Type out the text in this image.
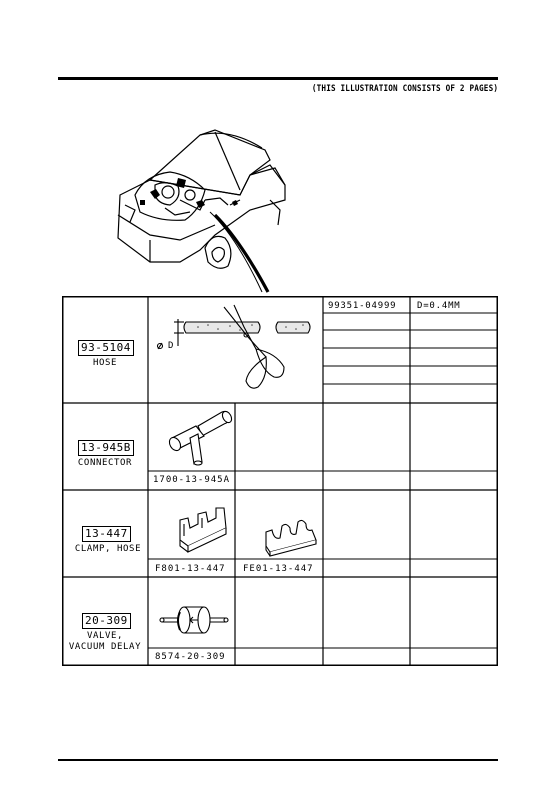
(THIS ILLUSTRATION CONSISTS OF 2 PAGES)
93-5104
HOSE
D
99351-04999 D=0.4MM
13-945B
CONNECTOR
1700-13-945A
13-447
CLAMP, HOSE
F801-13-447 FE01-13-447
20-309
VALVE,
VACUUM DELAY
8574-20-309
